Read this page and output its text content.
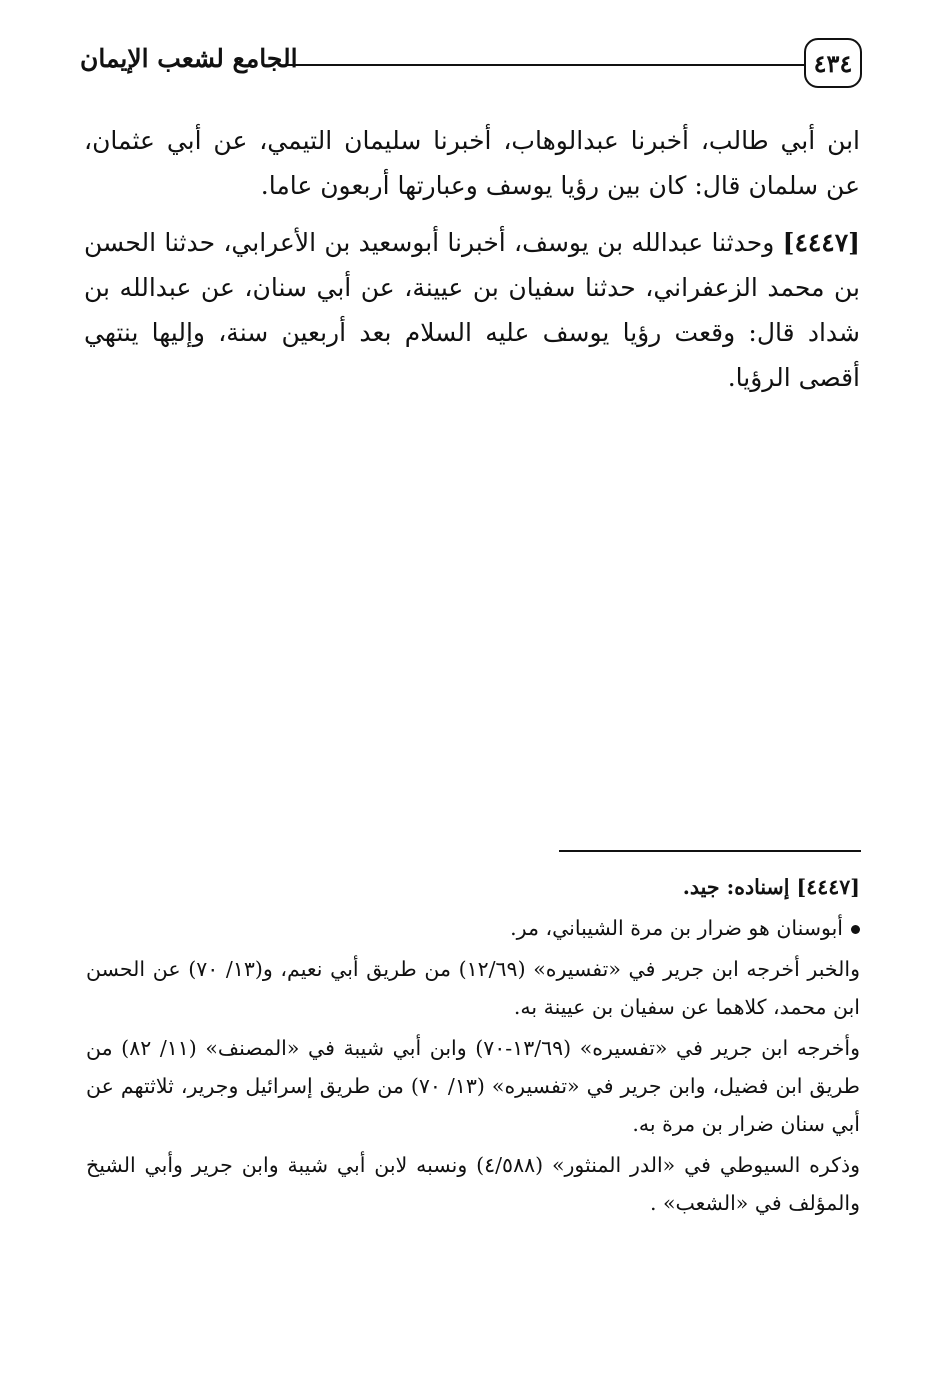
الجامع لشعب الإيمان	٤٣٤

ابن أبي طالب، أخبرنا عبدالوهاب، أخبرنا سليمان التيمي، عن أبي عثمان، عن سلمان قال: كان بين رؤيا يوسف وعبارتها أربعون عاما.

[٤٤٤٧] وحدثنا عبدالله بن يوسف، أخبرنا أبوسعيد بن الأعرابي، حدثنا الحسن بن محمد الزعفراني، حدثنا سفيان بن عيينة، عن أبي سنان، عن عبدالله بن شداد قال: وقعت رؤيا يوسف عليه السلام بعد أربعين سنة، وإليها ينتهي أقصى الرؤيا.

[٤٤٤٧] إسناده: جيد.

أبوسنان هو ضرار بن مرة الشيباني، مر.

والخبر أخرجه ابن جرير في «تفسيره» (١٢/٦٩) من طريق أبي نعيم، و(١٣/ ٧٠) عن الحسن ابن محمد، كلاهما عن سفيان بن عيينة به.

وأخرجه ابن جرير في «تفسيره» (١٣/٦٩-٧٠) وابن أبي شيبة في «المصنف» (١١/ ٨٢) من طريق ابن فضيل، وابن جرير في «تفسيره» (١٣/ ٧٠) من طريق إسرائيل وجرير، ثلاثتهم عن أبي سنان ضرار بن مرة به.

وذكره السيوطي في «الدر المنثور» (٤/٥٨٨) ونسبه لابن أبي شيبة وابن جرير وأبي الشيخ والمؤلف في «الشعب» .
